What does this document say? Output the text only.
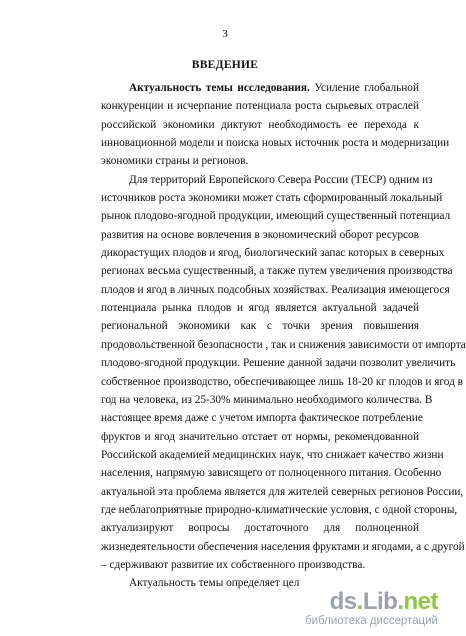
3
ВВЕДЕНИЕ
Актуальность темы исследования. Усиление глобальной
конкуренции и исчерпание потенциала роста сырьевых отраслей
российской экономики диктуют необходимость ее перехода к
инновационной модели и поиска новых источник роста и модернизации
экономики страны и регионов.
Для территорий Европейского Севера России (ТЕСР) одним из
источников роста экономики может стать сформированный локальный
рынок плодово-ягодной продукции, имеющий существенный потенциал
развития на основе вовлечения в экономический оборот ресурсов
дикорастущих плодов и ягод, биологический запас которых в северных
регионах весьма существенный, а также путем увеличения производства
плодов и ягод в личных подсобных хозяйствах. Реализация имеющегося
потенциала рынка плодов и ягод является актуальной задачей
региональной экономики как с точки зрения повышения
продовольственной безопасности , так и снижения зависимости от импорта
плодово-ягодной продукции. Решение данной задачи позволит увеличить
собственное производство, обеспечивающее лишь 18-20 кг плодов и ягод в
год на человека, из 25-30% минимально необходимого количества. В
настоящее время даже с учетом импорта фактическое потребление
фруктов и ягод значительно отстает от нормы, рекомендованной
Российской академией медицинских наук, что снижает качество жизни
населения, напрямую зависящего от полноценного питания. Особенно
актуальной эта проблема является для жителей северных регионов России,
где неблагоприятные природно-климатические условия, с одной стороны,
актуализируют вопросы достаточного для полноценной
жизнедеятельности обеспечения населения фруктами и ягодами, а с другой
– сдерживают развитие их собственного производства.
Актуальность темы определяет цел
ds.Lib.net
библиотека диссертаций
